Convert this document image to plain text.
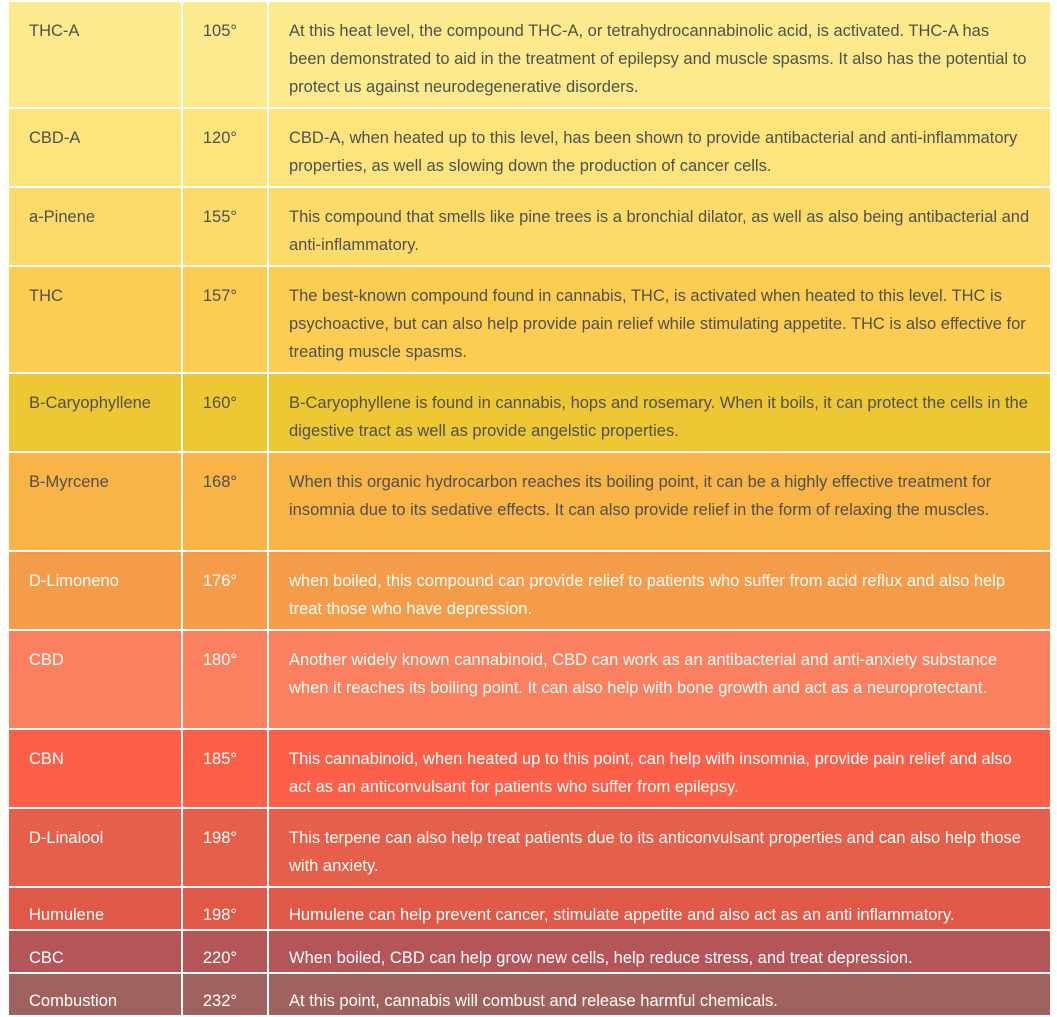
THC-A	105°	At this heat level, the compound THC-A, or tetrahydrocannabinolic acid, is activated. THC-A has been demonstrated to aid in the treatment of epilepsy and muscle spasms. It also has the potential to protect us against neurodegenerative disorders.
CBD-A	120°	CBD-A, when heated up to this level, has been shown to provide antibacterial and anti-inflammatory properties, as well as slowing down the production of cancer cells.
a-Pinene	155°	This compound that smells like pine trees is a bronchial dilator, as well as also being antibacterial and anti-inflammatory.
THC	157°	The best-known compound found in cannabis, THC, is activated when heated to this level. THC is psychoactive, but can also help provide pain relief while stimulating appetite. THC is also effective for treating muscle spasms.
B-Caryophyllene	160°	B-Caryophyllene is found in cannabis, hops and rosemary. When it boils, it can protect the cells in the digestive tract as well as provide angelstic properties.
B-Myrcene	168°	When this organic hydrocarbon reaches its boiling point, it can be a highly effective treatment for insomnia due to its sedative effects. It can also provide relief in the form of relaxing the muscles.
D-Limoneno	176°	when boiled, this compound can provide relief to patients who suffer from acid reflux and also help treat those who have depression.
CBD	180°	Another widely known cannabinoid, CBD can work as an antibacterial and anti-anxiety substance when it reaches its boiling point. It can also help with bone growth and act as a neuroprotectant.
CBN	185°	This cannabinoid, when heated up to this point, can help with insomnia, provide pain relief and also act as an anticonvulsant for patients who suffer from epilepsy.
D-Linalool	198°	This terpene can also help treat patients due to its anticonvulsant properties and can also help those with anxiety.
Humulene	198°	Humulene can help prevent cancer, stimulate appetite and also act as an anti inflammatory.
CBC	220°	When boiled, CBD can help grow new cells, help reduce stress, and treat depression.
Combustion	232°	At this point, cannabis will combust and release harmful chemicals.
